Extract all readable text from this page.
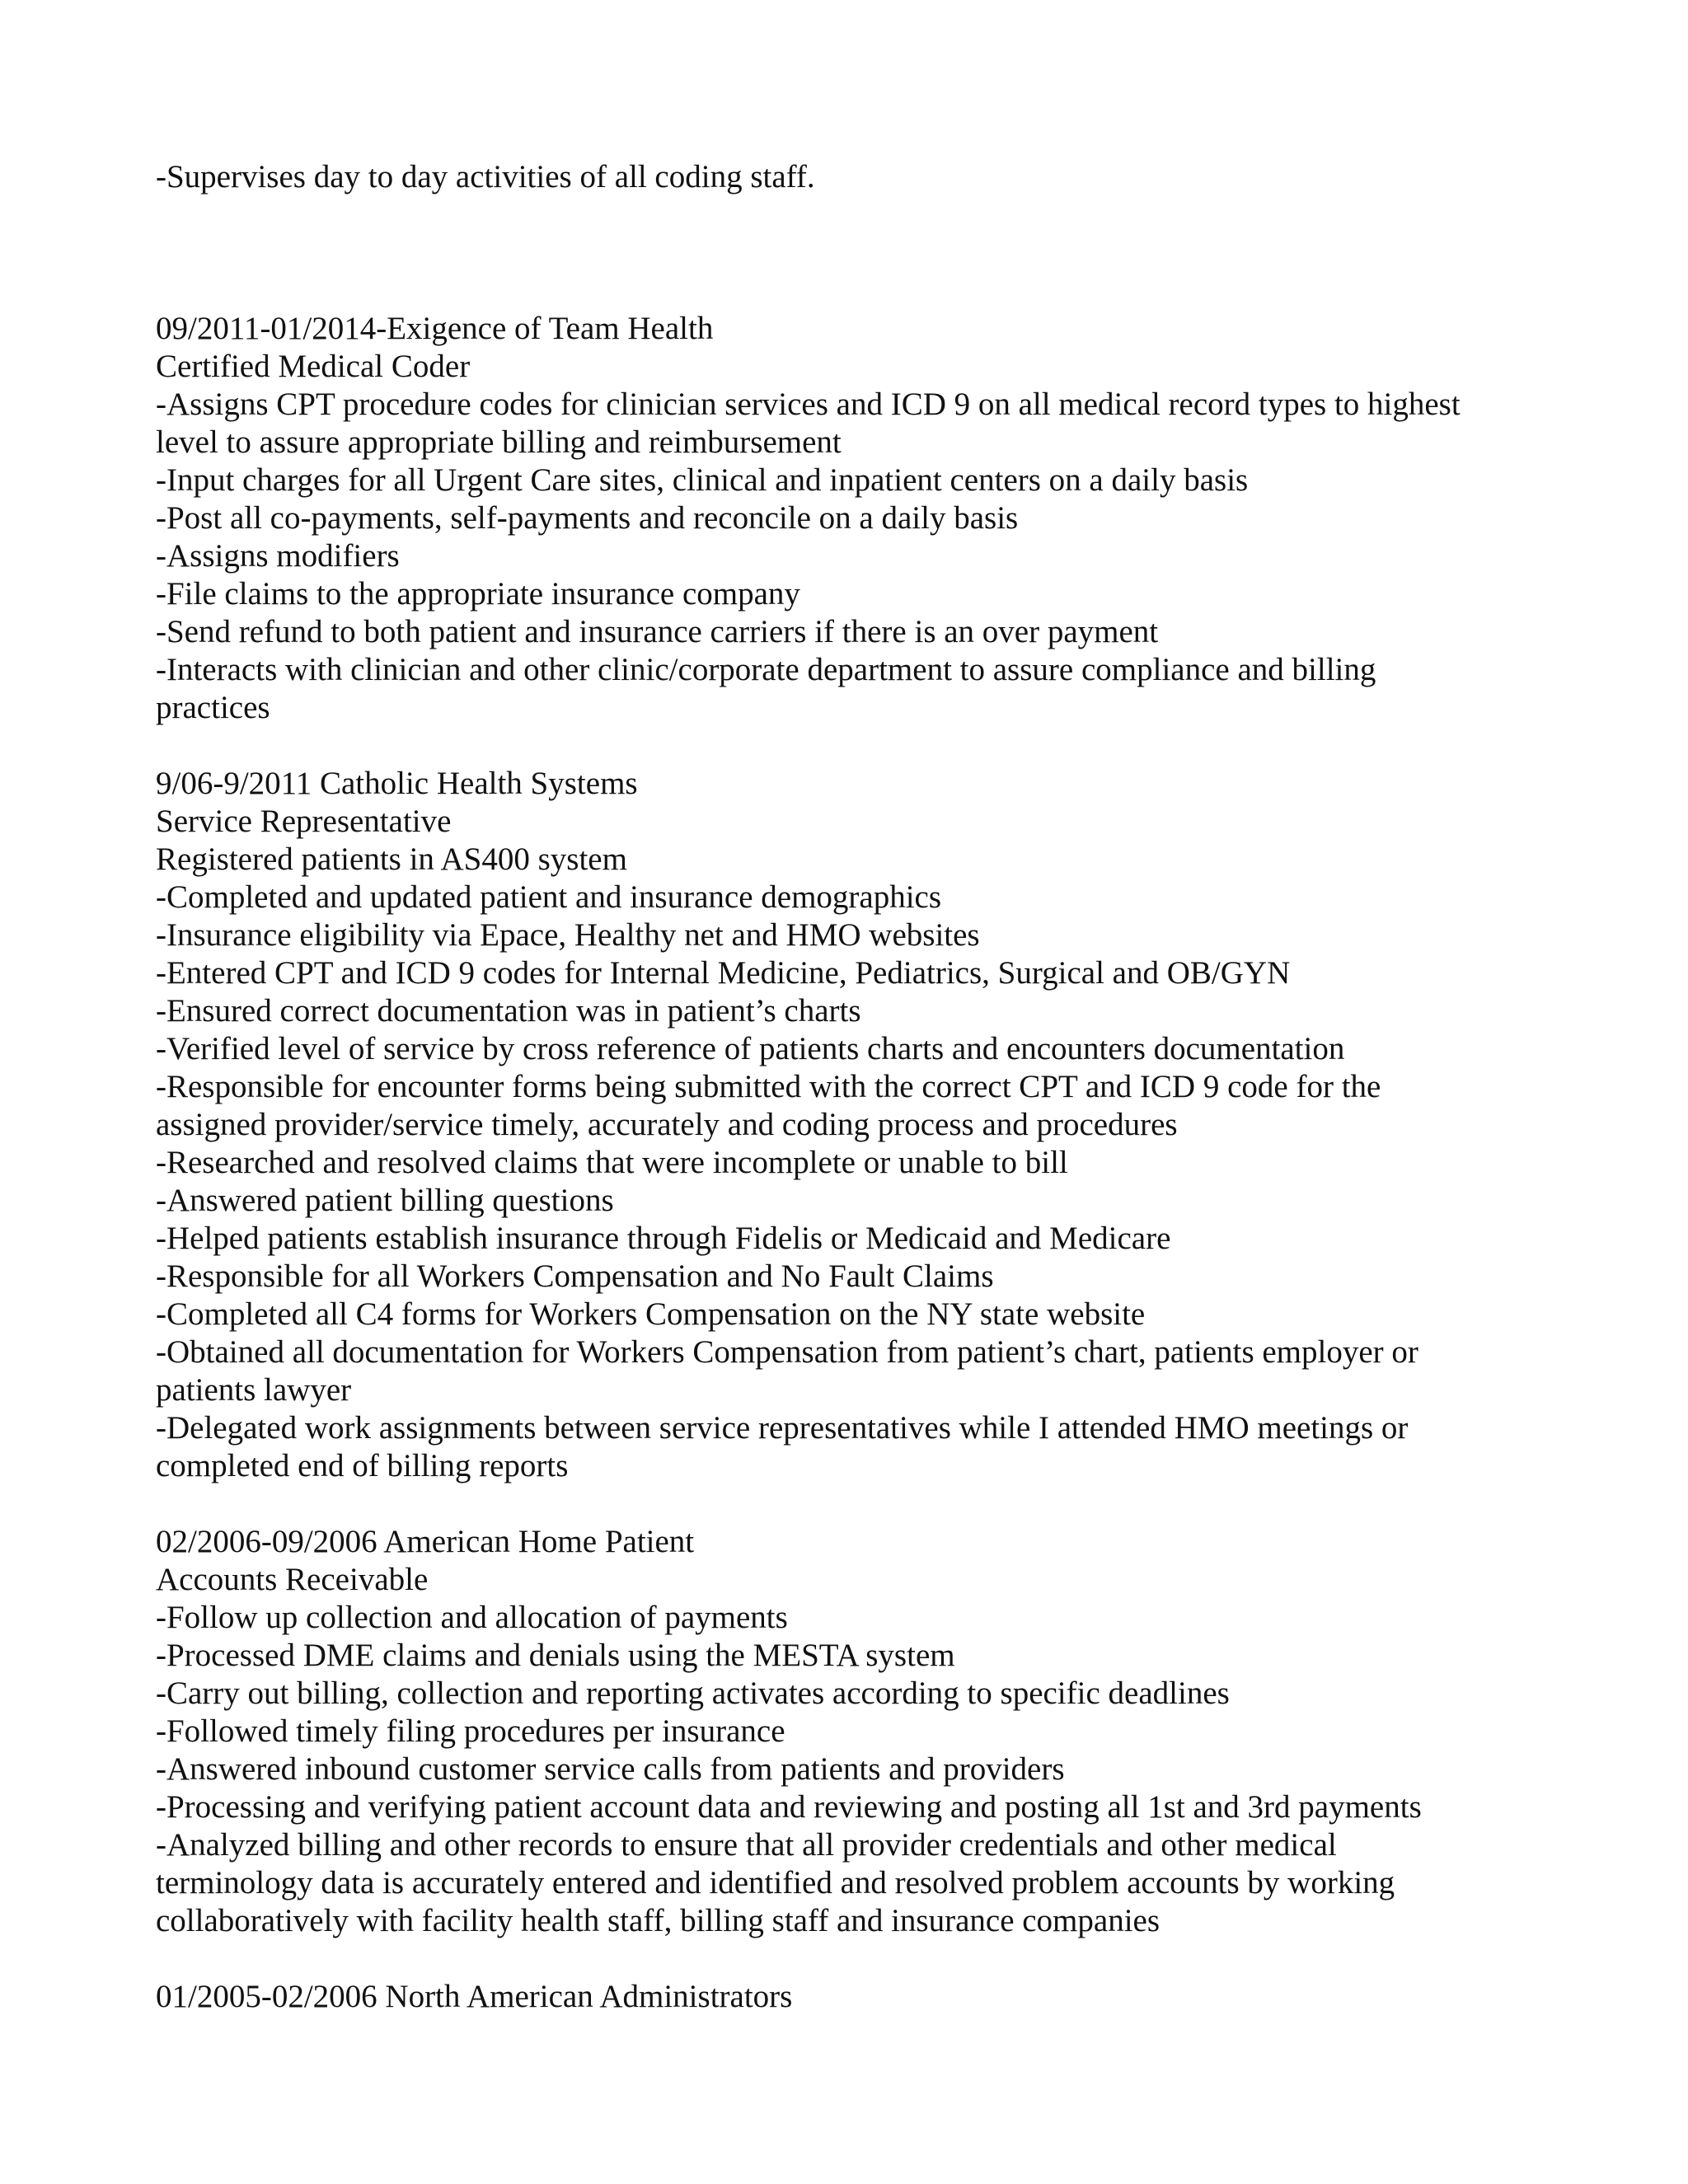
-Supervises day to day activities of all coding staff.
09/2011-01/2014-Exigence of Team Health
Certified Medical Coder
-Assigns CPT procedure codes for clinician services and ICD 9 on all medical record types to highest
level to assure appropriate billing and reimbursement
-Input charges for all Urgent Care sites, clinical and inpatient centers on a daily basis
-Post all co-payments, self-payments and reconcile on a daily basis
-Assigns modifiers
-File claims to the appropriate insurance company
-Send refund to both patient and insurance carriers if there is an over payment
-Interacts with clinician and other clinic/corporate department to assure compliance and billing
practices
9/06-9/2011 Catholic Health Systems
Service Representative
Registered patients in AS400 system
-Completed and updated patient and insurance demographics
-Insurance eligibility via Epace, Healthy net and HMO websites
-Entered CPT and ICD 9 codes for Internal Medicine, Pediatrics, Surgical and OB/GYN
-Ensured correct documentation was in patient’s charts
-Verified level of service by cross reference of patients charts and encounters documentation
-Responsible for encounter forms being submitted with the correct CPT and ICD 9 code for the
assigned provider/service timely, accurately and coding process and procedures
-Researched and resolved claims that were incomplete or unable to bill
-Answered patient billing questions
-Helped patients establish insurance through Fidelis or Medicaid and Medicare
-Responsible for all Workers Compensation and No Fault Claims
-Completed all C4 forms for Workers Compensation on the NY state website
-Obtained all documentation for Workers Compensation from patient’s chart, patients employer or
patients lawyer
-Delegated work assignments between service representatives while I attended HMO meetings or
completed end of billing reports
02/2006-09/2006 American Home Patient
Accounts Receivable
-Follow up collection and allocation of payments
-Processed DME claims and denials using the MESTA system
-Carry out billing, collection and reporting activates according to specific deadlines
-Followed timely filing procedures per insurance
-Answered inbound customer service calls from patients and providers
-Processing and verifying patient account data and reviewing and posting all 1st and 3rd payments
-Analyzed billing and other records to ensure that all provider credentials and other medical
terminology data is accurately entered and identified and resolved problem accounts by working
collaboratively with facility health staff, billing staff and insurance companies
01/2005-02/2006 North American Administrators
